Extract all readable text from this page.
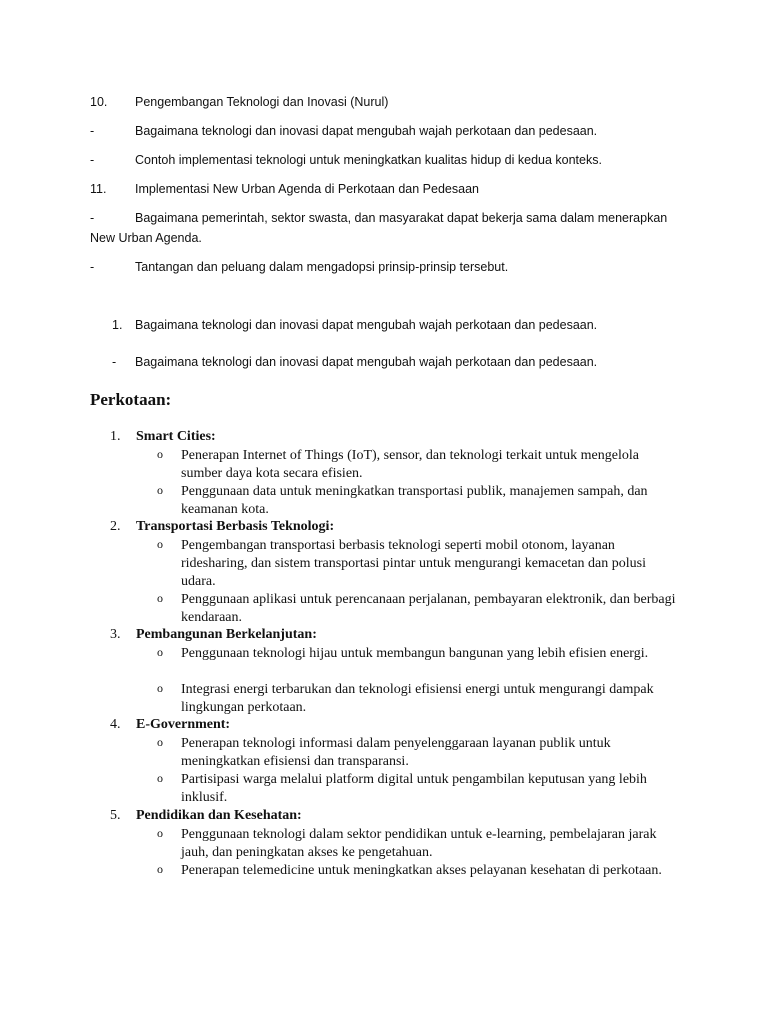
10. Pengembangan Teknologi dan Inovasi (Nurul)
-	Bagaimana teknologi dan inovasi dapat mengubah wajah perkotaan dan pedesaan.
-	Contoh implementasi teknologi untuk meningkatkan kualitas hidup di kedua konteks.
11. Implementasi New Urban Agenda di Perkotaan dan Pedesaan
-	Bagaimana pemerintah, sektor swasta, dan masyarakat dapat bekerja sama dalam menerapkan
New Urban Agenda.
-	Tantangan dan peluang dalam mengadopsi prinsip-prinsip tersebut.
1. Bagaimana teknologi dan inovasi dapat mengubah wajah perkotaan dan pedesaan.
- Bagaimana teknologi dan inovasi dapat mengubah wajah perkotaan dan pedesaan.
Perkotaan:
1. Smart Cities:
o Penerapan Internet of Things (IoT), sensor, dan teknologi terkait untuk mengelola sumber daya kota secara efisien.
o Penggunaan data untuk meningkatkan transportasi publik, manajemen sampah, dan keamanan kota.
2. Transportasi Berbasis Teknologi:
o Pengembangan transportasi berbasis teknologi seperti mobil otonom, layanan ridesharing, dan sistem transportasi pintar untuk mengurangi kemacetan dan polusi udara.
o Penggunaan aplikasi untuk perencanaan perjalanan, pembayaran elektronik, dan berbagi kendaraan.
3. Pembangunan Berkelanjutan:
o Penggunaan teknologi hijau untuk membangun bangunan yang lebih efisien energi.
o Integrasi energi terbarukan dan teknologi efisiensi energi untuk mengurangi dampak lingkungan perkotaan.
4. E-Government:
o Penerapan teknologi informasi dalam penyelenggaraan layanan publik untuk meningkatkan efisiensi dan transparansi.
o Partisipasi warga melalui platform digital untuk pengambilan keputusan yang lebih inklusif.
5. Pendidikan dan Kesehatan:
o Penggunaan teknologi dalam sektor pendidikan untuk e-learning, pembelajaran jarak jauh, dan peningkatan akses ke pengetahuan.
o Penerapan telemedicine untuk meningkatkan akses pelayanan kesehatan di perkotaan.
